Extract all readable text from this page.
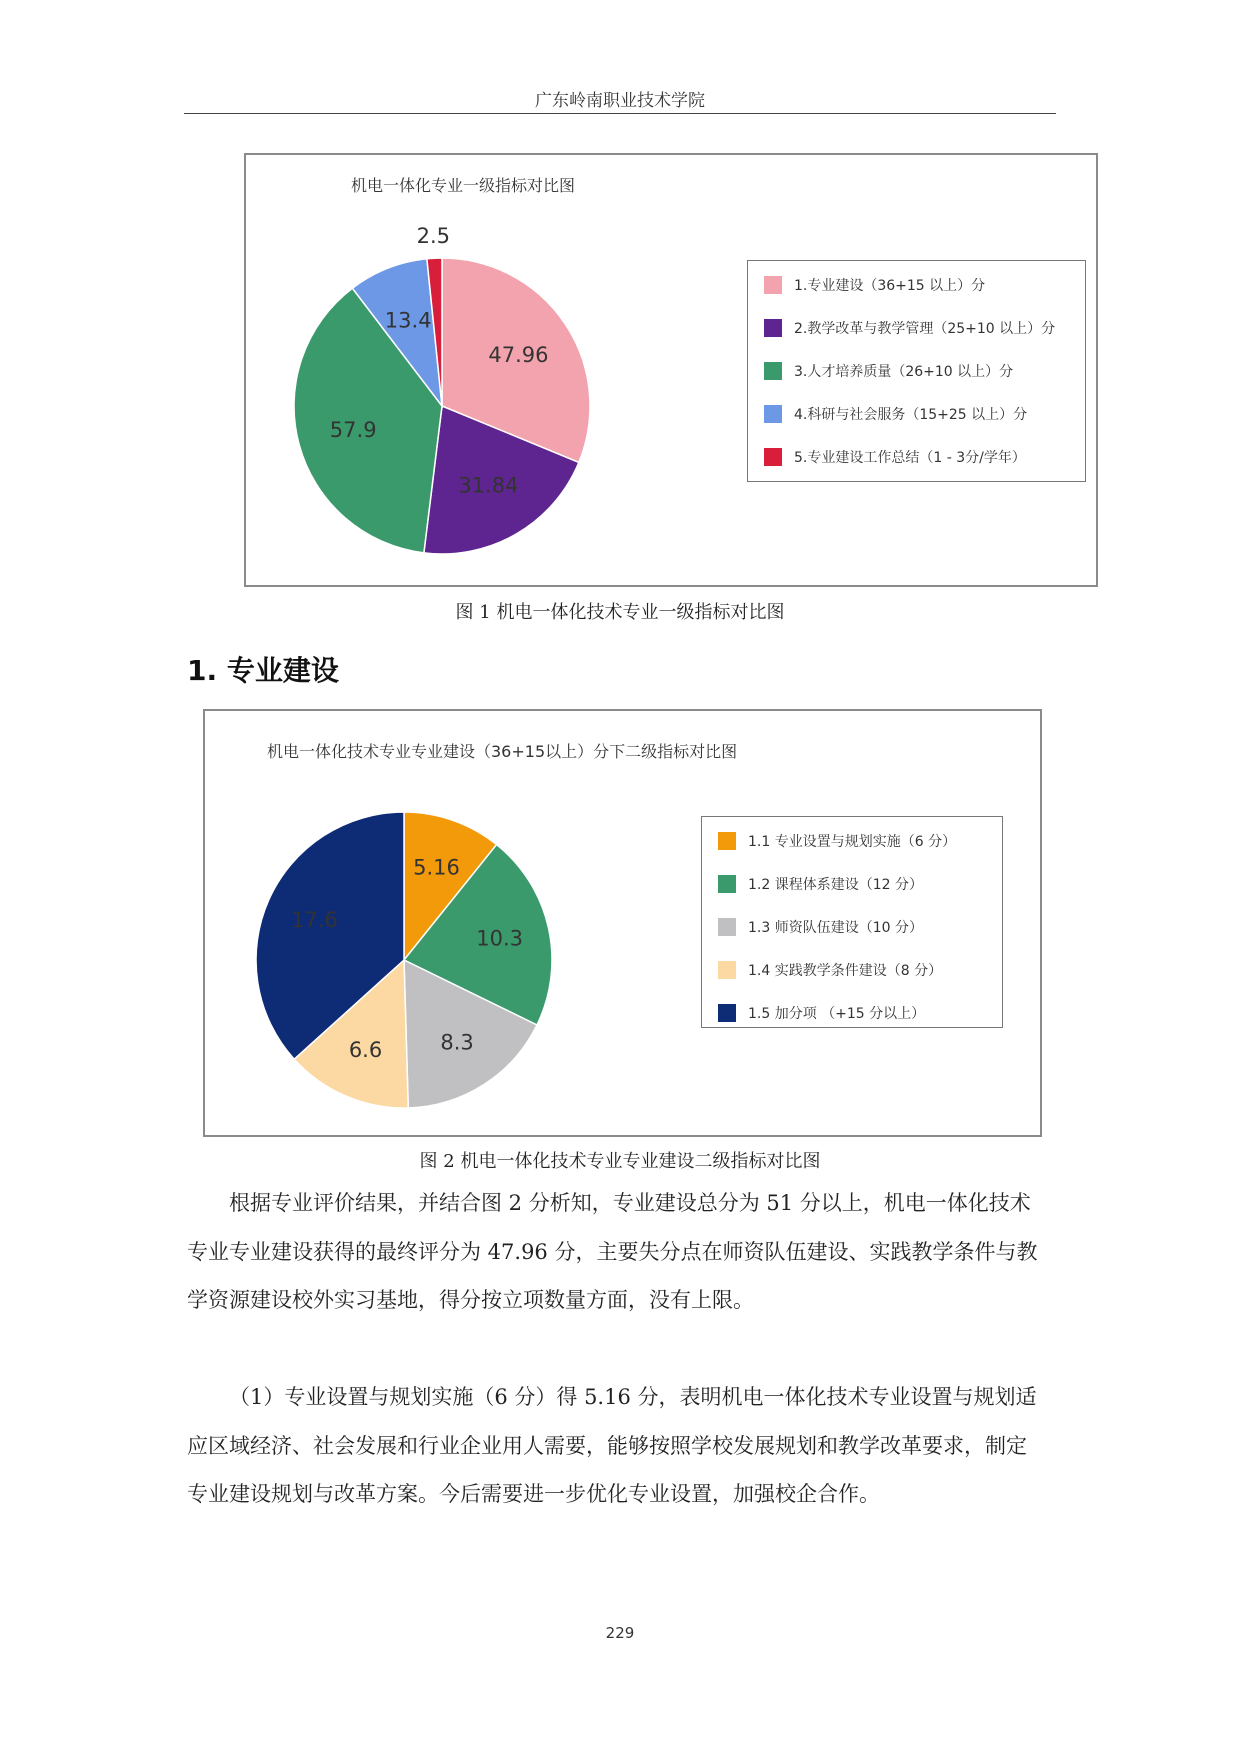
广东岭南职业技术学院
机电一体化专业一级指标对比图
47.96
31.84
57.9
13.4
2.5
1.专业建设（36+15 以上）分
2.教学改革与教学管理（25+10 以上）分
3.人才培养质量（26+10 以上）分
4.科研与社会服务（15+25 以上）分
5.专业建设工作总结（1 - 3分/学年）
图 1 机电一体化技术专业一级指标对比图
1. 专业建设
机电一体化技术专业专业建设（36+15以上）分下二级指标对比图
5.16
10.3
8.3
6.6
17.6
1.1 专业设置与规划实施（6 分）
1.2 课程体系建设（12 分）
1.3 师资队伍建设（10 分）
1.4 实践教学条件建设（8 分）
1.5 加分项 （+15 分以上）
图 2 机电一体化技术专业专业建设二级指标对比图

根据专业评价结果，并结合图 2 分析知，专业建设总分为 51 分以上，机电一体化技术专业专业建设获得的最终评分为 47.96 分，主要失分点在师资队伍建设、实践教学条件与教学资源建设校外实习基地，得分按立项数量方面，没有上限。

（1）专业设置与规划实施（6 分）得 5.16 分，表明机电一体化技术专业设置与规划适应区域经济、社会发展和行业企业用人需要，能够按照学校发展规划和教学改革要求，制定专业建设规划与改革方案。今后需要进一步优化专业设置，加强校企合作。

229
